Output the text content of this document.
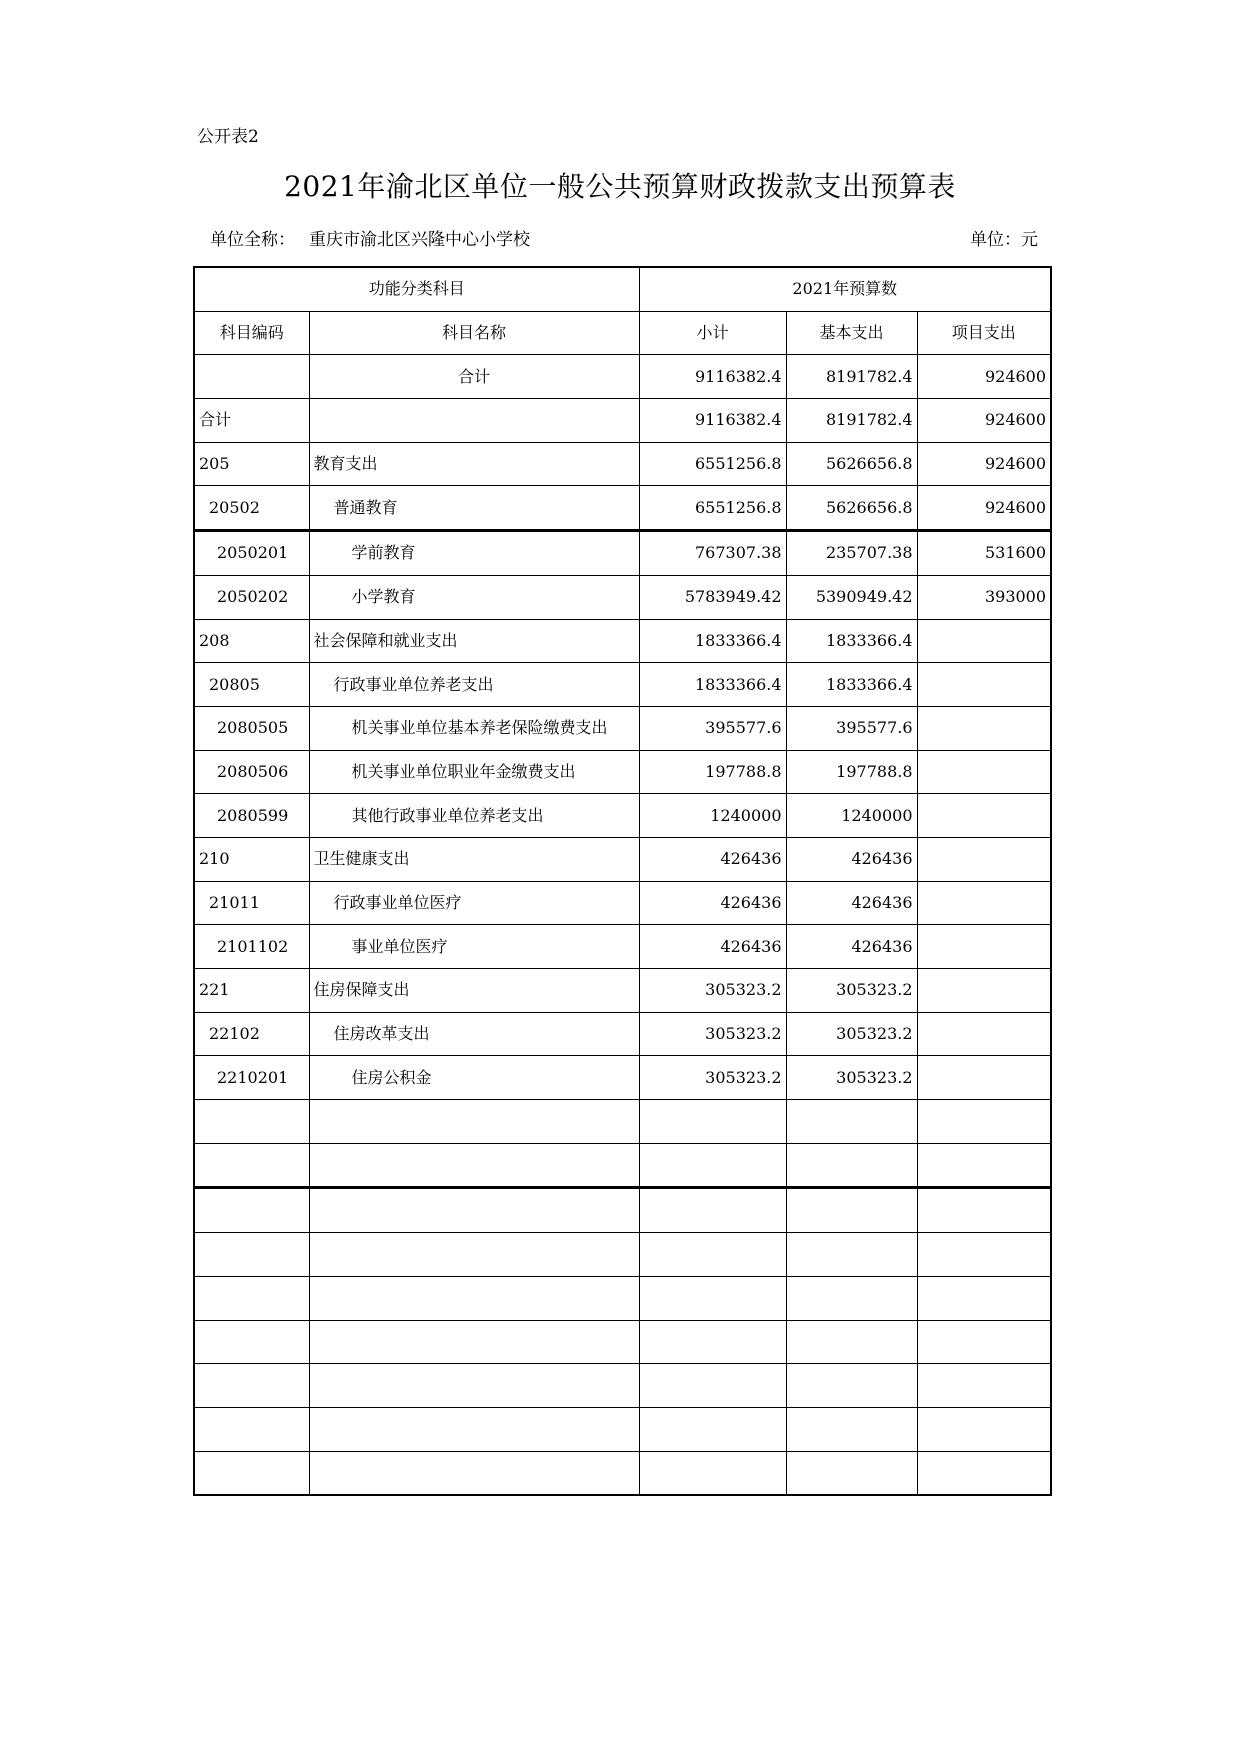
公开表2
2021年渝北区单位一般公共预算财政拨款支出预算表
单位全称： 重庆市渝北区兴隆中心小学校	单位：元
功能分类科目		2021年预算数		
科目编码	科目名称	小计	基本支出	项目支出
	合计	9116382.4	8191782.4	924600
合计		9116382.4	8191782.4	924600
205	教育支出	6551256.8	5626656.8	924600
20502	普通教育	6551256.8	5626656.8	924600
2050201	学前教育	767307.38	235707.38	531600
2050202	小学教育	5783949.42	5390949.42	393000
208	社会保障和就业支出	1833366.4	1833366.4	
20805	行政事业单位养老支出	1833366.4	1833366.4	
2080505	机关事业单位基本养老保险缴费支出	395577.6	395577.6	
2080506	机关事业单位职业年金缴费支出	197788.8	197788.8	
2080599	其他行政事业单位养老支出	1240000	1240000	
210	卫生健康支出	426436	426436	
21011	行政事业单位医疗	426436	426436	
2101102	事业单位医疗	426436	426436	
221	住房保障支出	305323.2	305323.2	
22102	住房改革支出	305323.2	305323.2	
2210201	住房公积金	305323.2	305323.2	
